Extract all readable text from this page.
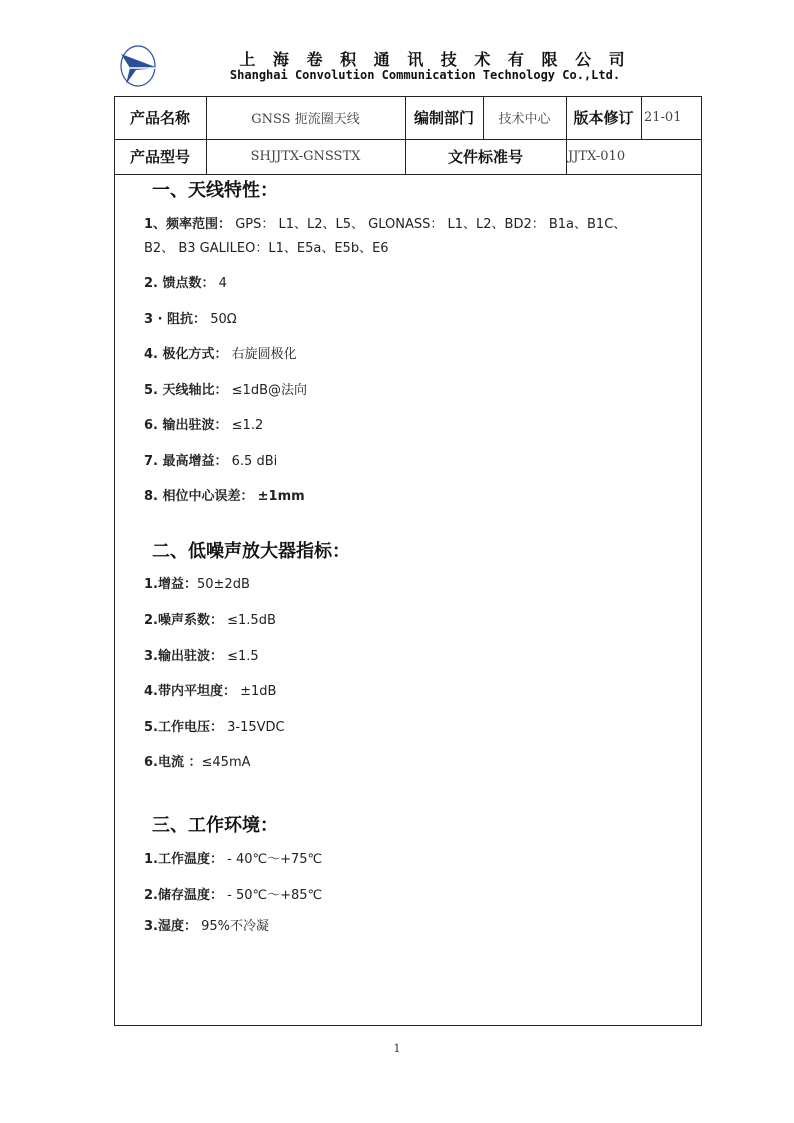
上 海 卷 积 通 讯 技 术 有 限 公 司
Shanghai Convolution Communication Technology Co.,Ltd.
产品名称	GNSS 扼流圈天线	编制部门	技术中心	版本修订 21-01
产品型号	SHJJTX-GNSSTX	文件标准号	JJTX-010
一、天线特性：
1、频率范围： GPS： L1、L2、L5、 GLONASS： L1、L2、BD2： B1a、B1C、
B2、 B3 GALILEO：L1、E5a、E5b、E6
2. 馈点数： 4
3 · 阻抗： 50Ω
4. 极化方式： 右旋圆极化
5. 天线轴比： ≤1dB@法向
6. 输出驻波： ≤1.2
7. 最高增益： 6.5 dBi
8. 相位中心误差： ±1mm
二、低噪声放大器指标：
1.增益：50±2dB
2.噪声系数： ≤1.5dB
3.输出驻波： ≤1.5
4.带内平坦度： ±1dB
5.工作电压： 3-15VDC
6.电流 ：≤45mA
三、工作环境：
1.工作温度： - 40℃～+75℃
2.储存温度： - 50℃～+85℃
3.湿度： 95%不冷凝
1
